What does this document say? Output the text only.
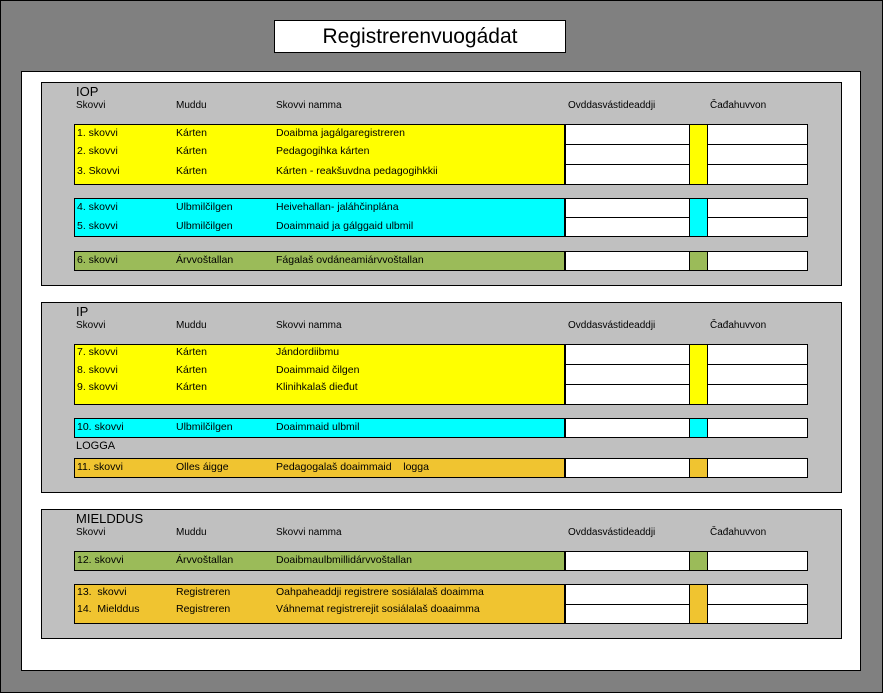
Registrerenvuogádat
IOP
Skovvi	Muddu	Skovvi namma	Ovddasvástideaddji	Čađahuvvon
1. skovvi	Kárten	Doaibma jagálgaregistreren
2. skovvi	Kárten	Pedagogihka kárten
3. Skovvi	Kárten	Kárten - reakšuvdna pedagogihkkii
4. skovvi	Ulbmilčilgen	Heivehallan- jaláhčinplána
5. skovvi	Ulbmilčilgen	Doaimmaid ja gálggaid ulbmil
6. skovvi	Árvvoštallan	Fágalaš ovdáneamiárvvoštallan
IP
Skovvi	Muddu	Skovvi namma	Ovddasvástideaddji	Čađahuvvon
7. skovvi	Kárten	Jándordiibmu
8. skovvi	Kárten	Doaimmaid čilgen
9. skovvi	Kárten	Klinihkalaš dieđut
10. skovvi	Ulbmilčilgen	Doaimmaid ulbmil
LOGGA
11. skovvi	Olles áigge	Pedagogalaš doaimmaid    logga
MIELDDUS
Skovvi	Muddu	Skovvi namma	Ovddasvástideaddji	Čađahuvvon
12. skovvi	Árvvoštallan	Doaibmaulbmillidárvvoštallan
13.  skovvi	Registreren	Oahpaheaddji registrere sosiálalaš doaimma
14.  Mielddus	Registreren	Váhnemat registrerejit sosiálalaš doaaimma
